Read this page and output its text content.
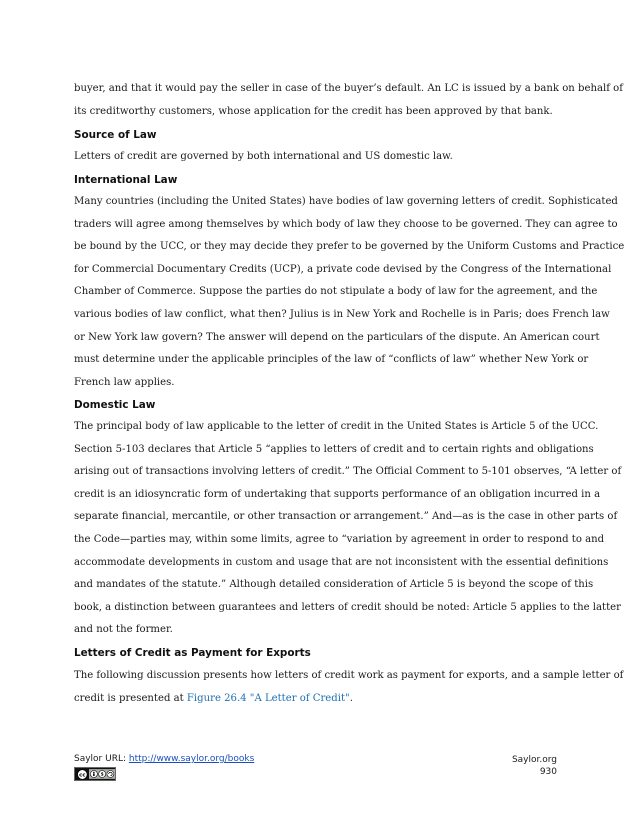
buyer, and that it would pay the seller in case of the buyer’s default. An LC is issued by a bank on behalf of
its creditworthy customers, whose application for the credit has been approved by that bank.
Source of Law
Letters of credit are governed by both international and US domestic law.
International Law
Many countries (including the United States) have bodies of law governing letters of credit. Sophisticated
traders will agree among themselves by which body of law they choose to be governed. They can agree to
be bound by the UCC, or they may decide they prefer to be governed by the Uniform Customs and Practice
for Commercial Documentary Credits (UCP), a private code devised by the Congress of the International
Chamber of Commerce. Suppose the parties do not stipulate a body of law for the agreement, and the
various bodies of law conflict, what then? Julius is in New York and Rochelle is in Paris; does French law
or New York law govern? The answer will depend on the particulars of the dispute. An American court
must determine under the applicable principles of the law of “conflicts of law” whether New York or
French law applies.
Domestic Law
The principal body of law applicable to the letter of credit in the United States is Article 5 of the UCC.
Section 5-103 declares that Article 5 “applies to letters of credit and to certain rights and obligations
arising out of transactions involving letters of credit.” The Official Comment to 5-101 observes, “A letter of
credit is an idiosyncratic form of undertaking that supports performance of an obligation incurred in a
separate financial, mercantile, or other transaction or arrangement.” And—as is the case in other parts of
the Code—parties may, within some limits, agree to “variation by agreement in order to respond to and
accommodate developments in custom and usage that are not inconsistent with the essential definitions
and mandates of the statute.” Although detailed consideration of Article 5 is beyond the scope of this
book, a distinction between guarantees and letters of credit should be noted: Article 5 applies to the latter
and not the former.
Letters of Credit as Payment for Exports
The following discussion presents how letters of credit work as payment for exports, and a sample letter of
credit is presented at Figure 26.4 "A Letter of Credit".
Saylor URL: http://www.saylor.org/books
cc	$
Saylor.org
930
